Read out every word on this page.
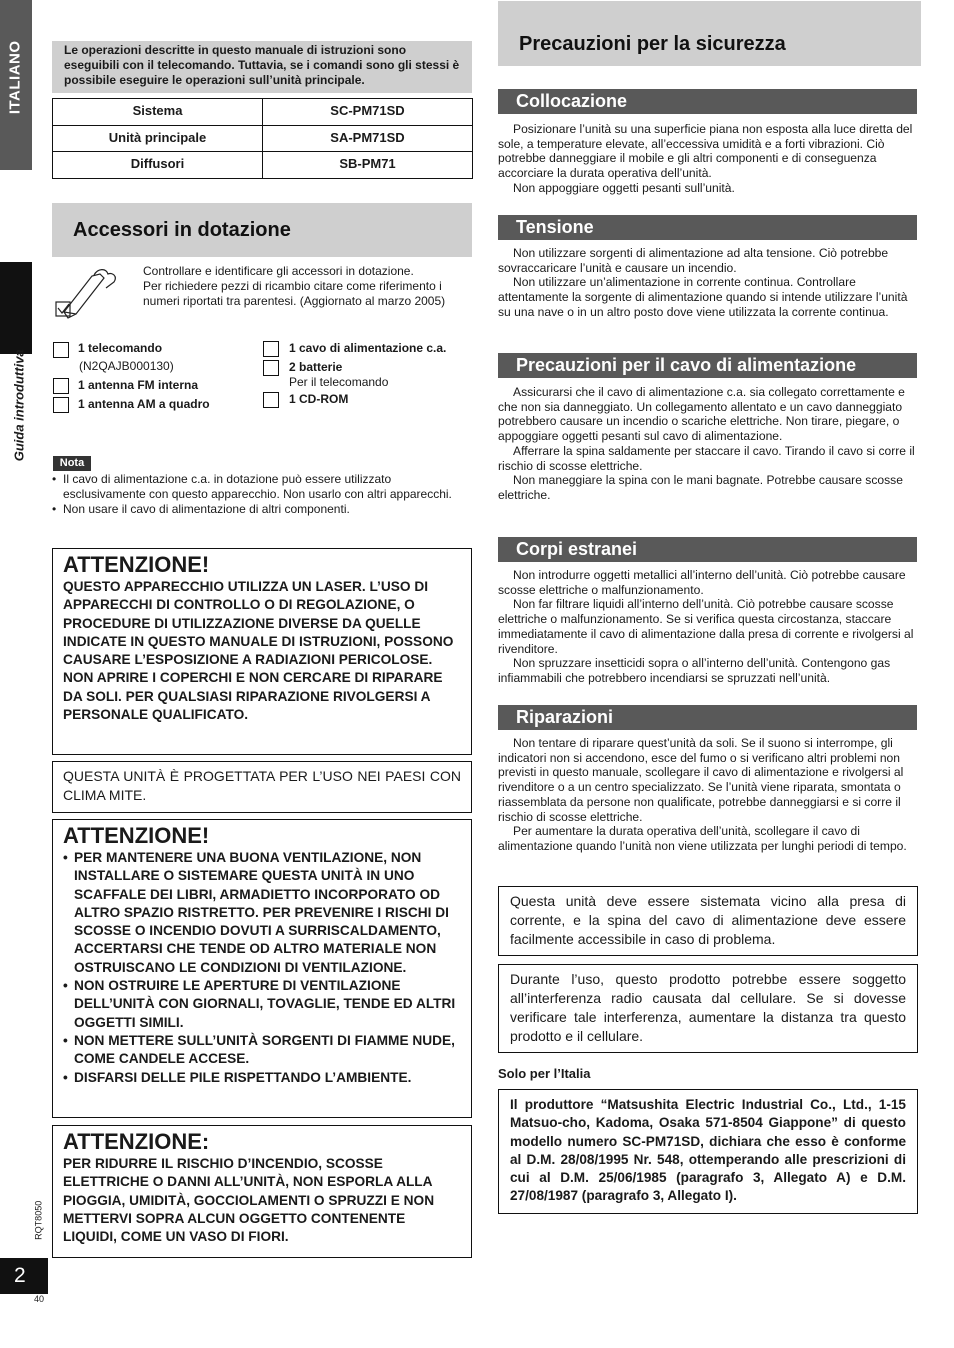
ITALIANO
Guida introduttiva
RQT8050
2
40
Le operazioni descritte in questo manuale di istruzioni sono eseguibili con il telecomando. Tuttavia, se i comandi sono gli stessi è possibile eseguire le operazioni sull’unità principale.
Sistema	SC-PM71SD
Unità principale	SA-PM71SD
Diffusori	SB-PM71
Accessori in dotazione
Controllare e identificare gli accessori in dotazione.
Per richiedere pezzi di ricambio citare come riferimento i numeri riportati tra parentesi. (Aggiornato al marzo 2005)
1 telecomando
(N2QAJB000130)
1 antenna FM interna
1 antenna AM a quadro
1 cavo di alimentazione c.a.
2 batterie
Per il telecomando
1 CD-ROM
Nota
• Il cavo di alimentazione c.a. in dotazione può essere utilizzato esclusivamente con questo apparecchio. Non usarlo con altri apparecchi.
• Non usare il cavo di alimentazione di altri componenti.
ATTENZIONE!
QUESTO APPARECCHIO UTILIZZA UN LASER. L’USO DI APPARECCHI DI CONTROLLO O DI REGOLAZIONE, O PROCEDURE DI UTILIZZAZIONE DIVERSE DA QUELLE INDICATE IN QUESTO MANUALE DI ISTRUZIONI, POSSONO CAUSARE L’ESPOSIZIONE A RADIAZIONI PERICOLOSE. NON APRIRE I COPERCHI E NON CERCARE DI RIPARARE DA SOLI. PER QUALSIASI RIPARAZIONE RIVOLGERSI A PERSONALE QUALIFICATO.
QUESTA UNITÀ È PROGETTATA PER L’USO NEI PAESI CON CLIMA MITE.
ATTENZIONE!
• PER MANTENERE UNA BUONA VENTILAZIONE, NON INSTALLARE O SISTEMARE QUESTA UNITÀ IN UNO SCAFFALE DEI LIBRI, ARMADIETTO INCORPORATO OD ALTRO SPAZIO RISTRETTO. PER PREVENIRE I RISCHI DI SCOSSE O INCENDIO DOVUTI A SURRISCALDAMENTO, ACCERTARSI CHE TENDE OD ALTRO MATERIALE NON OSTRUISCANO LE CONDIZIONI DI VENTILAZIONE.
• NON OSTRUIRE LE APERTURE DI VENTILAZIONE DELL’UNITÀ CON GIORNALI, TOVAGLIE, TENDE ED ALTRI OGGETTI SIMILI.
• NON METTERE SULL’UNITÀ SORGENTI DI FIAMME NUDE, COME CANDELE ACCESE.
• DISFARSI DELLE PILE RISPETTANDO L’AMBIENTE.
ATTENZIONE:
PER RIDURRE IL RISCHIO D’INCENDIO, SCOSSE ELETTRICHE O DANNI ALL’UNITÀ, NON ESPORLA ALLA PIOGGIA, UMIDITÀ, GOCCIOLAMENTI O SPRUZZI E NON METTERVI SOPRA ALCUN OGGETTO CONTENENTE LIQUIDI, COME UN VASO DI FIORI.
Precauzioni per la sicurezza
Collocazione

Posizionare l’unità su una superficie piana non esposta alla luce diretta del sole, a temperature elevate, all’eccessiva umidità e a forti vibrazioni. Ciò potrebbe danneggiare il mobile e gli altri componenti e di conseguenza accorciare la durata operativa dell’unità.

Non appoggiare oggetti pesanti sull’unità.

Tensione

Non utilizzare sorgenti di alimentazione ad alta tensione. Ciò potrebbe sovraccaricare l’unità e causare un incendio.

Non utilizzare un’alimentazione in corrente continua. Controllare attentamente la sorgente di alimentazione quando si intende utilizzare l’unità su una nave o in un altro posto dove viene utilizzata la corrente continua.

Precauzioni per il cavo di alimentazione

Assicurarsi che il cavo di alimentazione c.a. sia collegato correttamente e che non sia danneggiato. Un collegamento allentato e un cavo danneggiato potrebbero causare un incendio o scariche elettriche. Non tirare, piegare, o appoggiare oggetti pesanti sul cavo di alimentazione.

Afferrare la spina saldamente per staccare il cavo. Tirando il cavo si corre il rischio di scosse elettriche.

Non maneggiare la spina con le mani bagnate. Potrebbe causare scosse elettriche.

Corpi estranei

Non introdurre oggetti metallici all’interno dell’unità. Ciò potrebbe causare scosse elettriche o malfunzionamento.

Non far filtrare liquidi all’interno dell’unità. Ciò potrebbe causare scosse elettriche o malfunzionamento. Se si verifica questa circostanza, staccare immediatamente il cavo di alimentazione dalla presa di corrente e rivolgersi al rivenditore.

Non spruzzare insetticidi sopra o all’interno dell’unità. Contengono gas infiammabili che potrebbero incendiarsi se spruzzati nell’unità.

Riparazioni

Non tentare di riparare quest’unità da soli. Se il suono si interrompe, gli indicatori non si accendono, esce del fumo o si verificano altri problemi non previsti in questo manuale, scollegare il cavo di alimentazione e rivolgersi al rivenditore o a un centro specializzato. Se l’unità viene riparata, smontata o riassemblata da persone non qualificate, potrebbe danneggiarsi e si corre il rischio di scosse elettriche.

Per aumentare la durata operativa dell’unità, scollegare il cavo di alimentazione quando l’unità non viene utilizzata per lunghi periodi di tempo.

Questa unità deve essere sistemata vicino alla presa di corrente, e la spina del cavo di alimentazione deve essere facilmente accessibile in caso di problema.
Durante l’uso, questo prodotto potrebbe essere soggetto all’interferenza radio causata dal cellulare. Se si dovesse verificare tale interferenza, aumentare la distanza tra questo prodotto e il cellulare.
Solo per l’Italia
Il produttore “Matsushita Electric Industrial Co., Ltd., 1-15 Matsuo-cho, Kadoma, Osaka 571-8504 Giappone” di questo modello numero SC-PM71SD, dichiara che esso è conforme al D.M. 28/08/1995 Nr. 548, ottemperando alle prescrizioni di cui al D.M. 25/06/1985 (paragrafo 3, Allegato A) e D.M. 27/08/1987 (paragrafo 3, Allegato I).
